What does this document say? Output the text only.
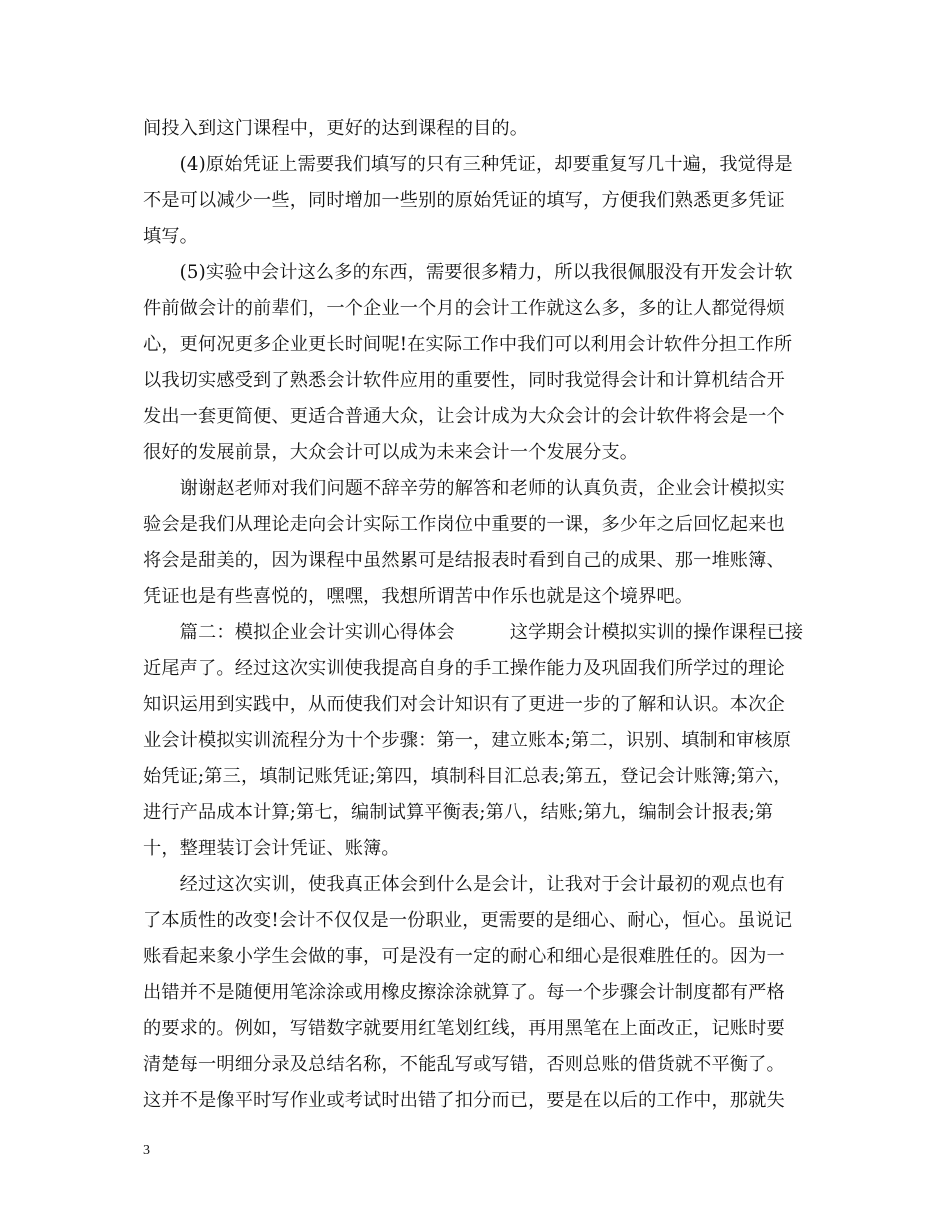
间投入到这门课程中，更好的达到课程的目的。
　　(4)原始凭证上需要我们填写的只有三种凭证，却要重复写几十遍，我觉得是
不是可以减少一些，同时增加一些别的原始凭证的填写，方便我们熟悉更多凭证
填写。
　　(5)实验中会计这么多的东西，需要很多精力，所以我很佩服没有开发会计软
件前做会计的前辈们，一个企业一个月的会计工作就这么多，多的让人都觉得烦
心，更何况更多企业更长时间呢!在实际工作中我们可以利用会计软件分担工作所
以我切实感受到了熟悉会计软件应用的重要性，同时我觉得会计和计算机结合开
发出一套更简便、更适合普通大众，让会计成为大众会计的会计软件将会是一个
很好的发展前景，大众会计可以成为未来会计一个发展分支。
　　谢谢赵老师对我们问题不辞辛劳的解答和老师的认真负责，企业会计模拟实
验会是我们从理论走向会计实际工作岗位中重要的一课，多少年之后回忆起来也
将会是甜美的，因为课程中虽然累可是结报表时看到自己的成果、那一堆账簿、
凭证也是有些喜悦的，嘿嘿，我想所谓苦中作乐也就是这个境界吧。
　　篇二：模拟企业会计实训心得体会　　　这学期会计模拟实训的操作课程已接
近尾声了。经过这次实训使我提高自身的手工操作能力及巩固我们所学过的理论
知识运用到实践中，从而使我们对会计知识有了更进一步的了解和认识。本次企
业会计模拟实训流程分为十个步骤：第一，建立账本;第二，识别、填制和审核原
始凭证;第三，填制记账凭证;第四，填制科目汇总表;第五，登记会计账簿;第六，
进行产品成本计算;第七，编制试算平衡表;第八，结账;第九，编制会计报表;第
十，整理装订会计凭证、账簿。
　　经过这次实训，使我真正体会到什么是会计，让我对于会计最初的观点也有
了本质性的改变!会计不仅仅是一份职业，更需要的是细心、耐心，恒心。虽说记
账看起来象小学生会做的事，可是没有一定的耐心和细心是很难胜任的。因为一
出错并不是随便用笔涂涂或用橡皮擦涂涂就算了。每一个步骤会计制度都有严格
的要求的。例如，写错数字就要用红笔划红线，再用黑笔在上面改正，记账时要
清楚每一明细分录及总结名称，不能乱写或写错，否则总账的借货就不平衡了。
这并不是像平时写作业或考试时出错了扣分而已，要是在以后的工作中，那就失
3
